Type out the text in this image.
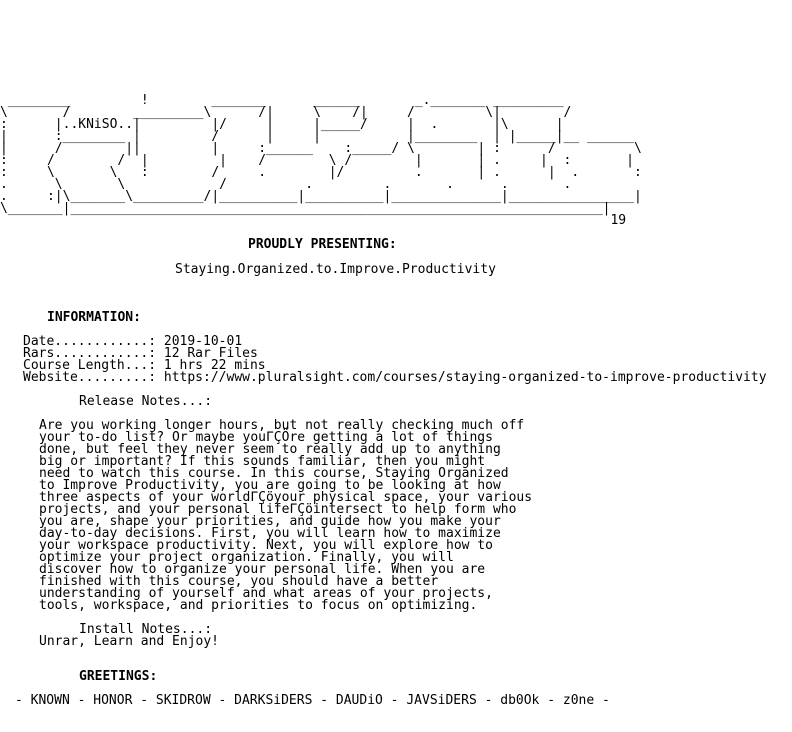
________         !        _______      ______       _._______ _________
\       /        _________\      /|     \    /|     /         \|        /
:      |..KNiSO..|         |/     |     |_____/     |  .       |\      |
|      :________ |         /      |     |           |________  | |_____|__ ______
|      /        ||         |     :______    :_____/ \        | :      /          \
:     /        /  |         |    /        \ /        |       | .     |  :       |
:     \       \   :        /     .        |/         .       | .      |  .       :
.      \       \            /          .         .       .      .       .
.     :|\_______\_________/|__________|__________|______________|________________|
\_______|____________________________________________________________________|
19
PROUDLY PRESENTING:
Staying.Organized.to.Improve.Productivity
INFORMATION:
Date............: 2019-10-01
Rars............: 12 Rar Files
Course Length...: 1 hrs 22 mins
Website.........: https://www.pluralsight.com/courses/staying-organized-to-improve-productivity
Release Notes...:
Are you working longer hours, but not really checking much off
your to-do list? Or maybe youΓÇÖre getting a lot of things
done, but feel they never seem to really add up to anything
big or important? If this sounds familiar, then you might
need to watch this course. In this course, Staying Organized
to Improve Productivity, you are going to be looking at how
three aspects of your worldΓÇöyour physical space, your various
projects, and your personal lifeΓÇöintersect to help form who
you are, shape your priorities, and guide how you make your
day-to-day decisions. First, you will learn how to maximize
your workspace productivity. Next, you will explore how to
optimize your project organization. Finally, you will
discover how to organize your personal life. When you are
finished with this course, you should have a better
understanding of yourself and what areas of your projects,
tools, workspace, and priorities to focus on optimizing.
Install Notes...:
Unrar, Learn and Enjoy!
GREETINGS:
- KNOWN - HONOR - SKIDROW - DARKSiDERS - DAUDiO - JAVSiDERS - db0Ok - z0ne -
